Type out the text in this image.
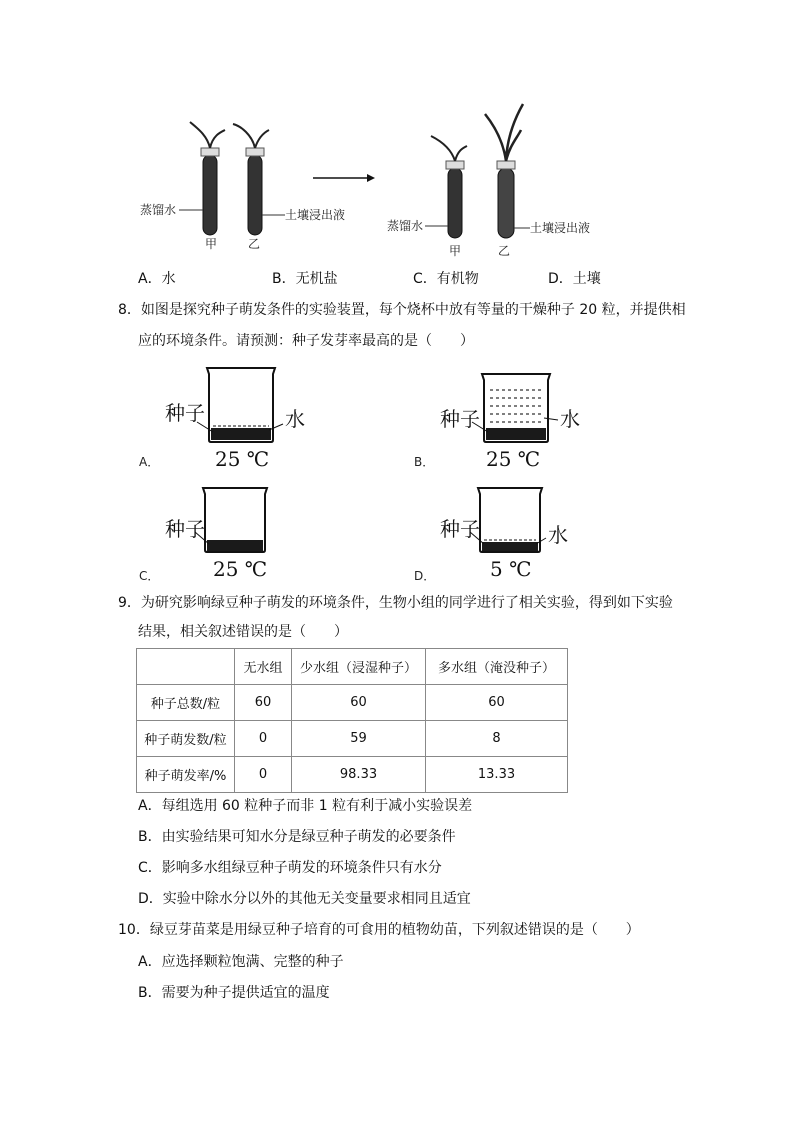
蒸馏水	土壤浸出液
甲	乙
蒸馏水	土壤浸出液
甲	乙
A．水	B．无机盐	C．有机物	D．土壤
8．如图是探究种子萌发条件的实验装置，每个烧杯中放有等量的干燥种子 20 粒，并提供相
应的环境条件。请预测：种子发芽率最高的是（　　）
种子	水
25 ℃
A．
种子	水
25 ℃
B．
种子
25 ℃
C．
种子	水
5 ℃
D．
9．为研究影响绿豆种子萌发的环境条件，生物小组的同学进行了相关实验，得到如下实验
结果，相关叙述错误的是（　　）
	无水组	少水组（浸湿种子）	多水组（淹没种子）
种子总数/粒	60	60	60
种子萌发数/粒	0	59	8
种子萌发率/%	0	98.33	13.33
A．每组选用 60 粒种子而非 1 粒有利于减小实验误差
B．由实验结果可知水分是绿豆种子萌发的必要条件
C．影响多水组绿豆种子萌发的环境条件只有水分
D．实验中除水分以外的其他无关变量要求相同且适宜
10．绿豆芽苗菜是用绿豆种子培育的可食用的植物幼苗，下列叙述错误的是（　　）
A．应选择颗粒饱满、完整的种子
B．需要为种子提供适宜的温度
